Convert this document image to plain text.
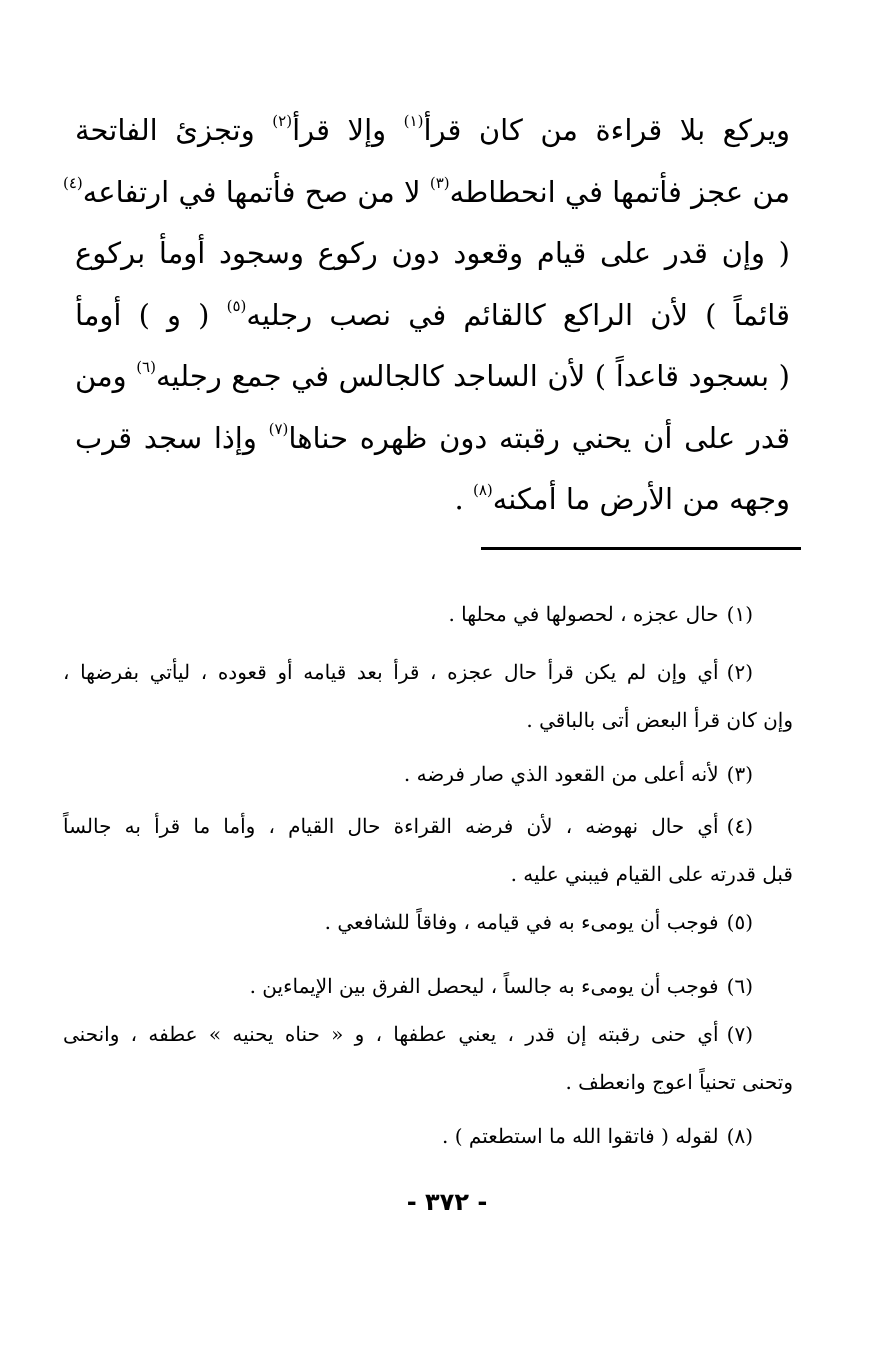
ويركع بلا قراءة من كان قرأ$^{(١)}$ وإلا قرأ$^{(٢)}$ وتجزئ الفاتحة
من عجز فأتمها في انحطاطه$^{(٣)}$ لا من صح فأتمها في ارتفاعه$^{(٤)}$
( وإن قدر على قيام وقعود دون ركوع وسجود أومأ بركوع
قائماً ) لأن الراكع كالقائم في نصب رجليه$^{(٥)}$ ( و ) أومأ
( بسجود قاعداً ) لأن الساجد كالجالس في جمع رجليه$^{(٦)}$ ومن
قدر على أن يحني رقبته دون ظهره حناها$^{(٧)}$ وإذا سجد قرب
وجهه من الأرض ما أمكنه$^{(٨)}$ .
(١)حال عجزه ، لحصولها في محلها .
(٢)أي وإن لم يكن قرأ حال عجزه ، قرأ بعد قيامه أو قعوده ، ليأتي بفرضها ،
وإن كان قرأ البعض أتى بالباقي .
(٣)لأنه أعلى من القعود الذي صار فرضه .
(٤)أي حال نهوضه ، لأن فرضه القراءة حال القيام ، وأما ما قرأ به جالساً
قبل قدرته على القيام فيبني عليه .
(٥)فوجب أن يومىء به في قيامه ، وفاقاً للشافعي .
(٦)فوجب أن يومىء به جالساً ، ليحصل الفرق بين الإيماءين .
(٧)أي حنى رقبته إن قدر ، يعني عطفها ، و « حناه يحنيه » عطفه ، وانحنى
وتحنى تحنياً اعوج وانعطف .
(٨)لقوله ( فاتقوا الله ما استطعتم ) .
- ٣٧٢ -
